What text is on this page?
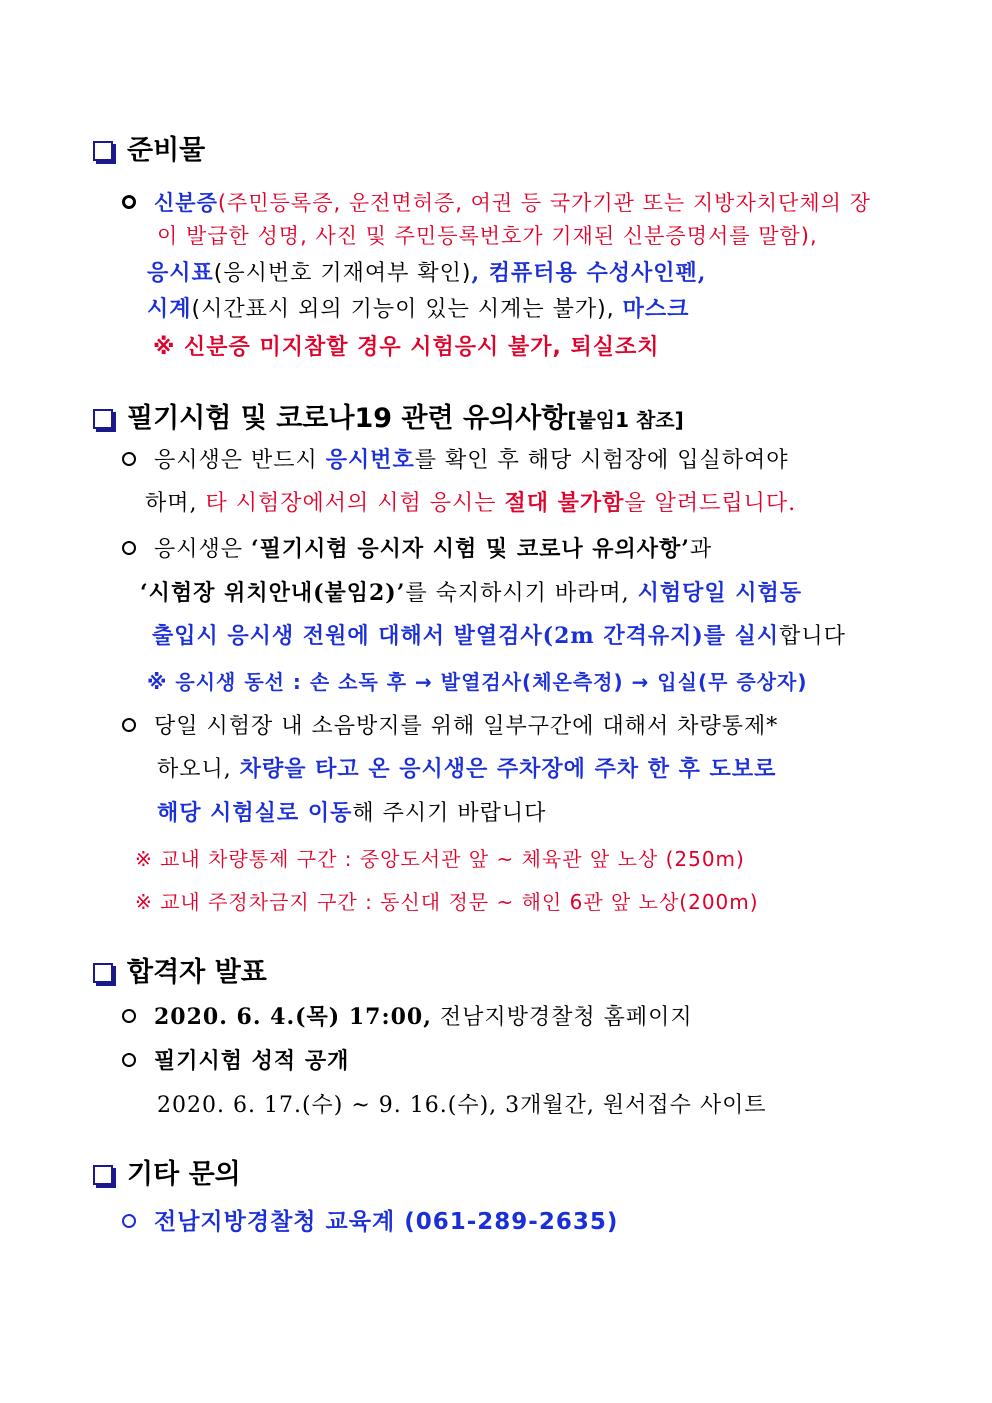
준비물
신분증(주민등록증, 운전면허증, 여권 등 국가기관 또는 지방자치단체의 장
이 발급한 성명, 사진 및 주민등록번호가 기재된 신분증명서를 말함),
응시표(응시번호 기재여부 확인), 컴퓨터용 수성사인펜,
시계(시간표시 외의 기능이 있는 시계는 불가), 마스크
※ 신분증 미지참할 경우 시험응시 불가, 퇴실조치
필기시험 및 코로나19 관련 유의사항[붙임1 참조]
응시생은 반드시 응시번호를 확인 후 해당 시험장에 입실하여야
하며, 타 시험장에서의 시험 응시는 절대 불가함을 알려드립니다.
응시생은 ‘필기시험 응시자 시험 및 코로나 유의사항’과
‘시험장 위치안내(붙임2)’를 숙지하시기 바라며, 시험당일 시험동
출입시 응시생 전원에 대해서 발열검사(2m 간격유지)를 실시합니다
※ 응시생 동선 : 손 소독 후 → 발열검사(체온측정) → 입실(무 증상자)
당일 시험장 내 소음방지를 위해 일부구간에 대해서 차량통제*
하오니, 차량을 타고 온 응시생은 주차장에 주차 한 후 도보로
해당 시험실로 이동해 주시기 바랍니다
※ 교내 차량통제 구간 : 중앙도서관 앞 ~ 체육관 앞 노상 (250m)
※ 교내 주정차금지 구간 : 동신대 정문 ~ 해인 6관 앞 노상(200m)
합격자 발표
2020. 6. 4.(목) 17:00, 전남지방경찰청 홈페이지
필기시험 성적 공개
2020. 6. 17.(수) ~ 9. 16.(수), 3개월간, 원서접수 사이트
기타 문의
전남지방경찰청 교육계 (061-289-2635)
